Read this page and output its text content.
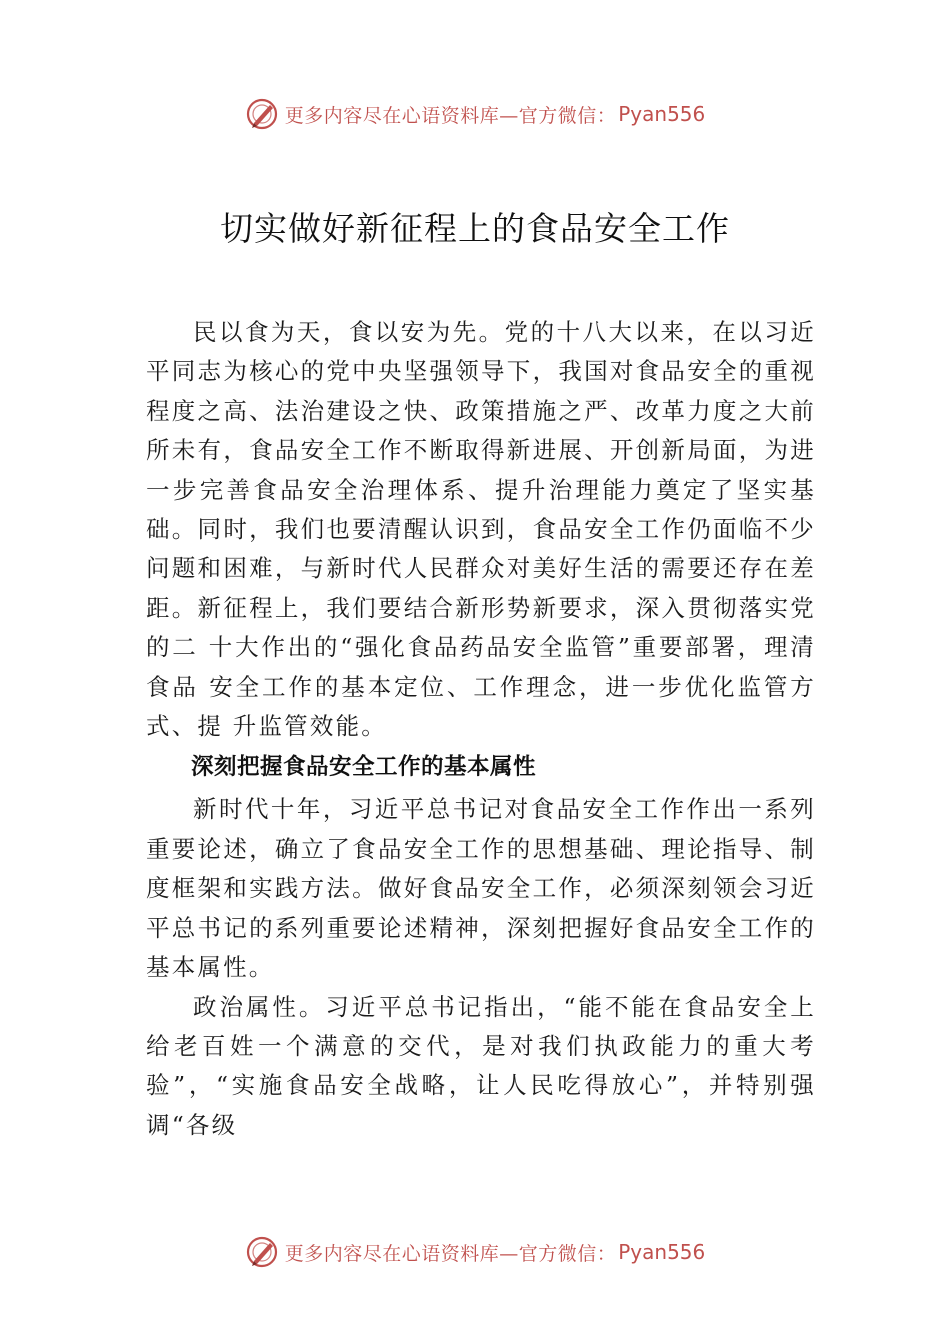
更多内容尽在心语资料库—官方微信： Pyan556
切实做好新征程上的食品安全工作

民以食为天，食以安为先。党的十八大以来，在以习近平同志为核心的党中央坚强领导下，我国对食品安全的重视程度之高、法治建设之快、政策措施之严、改革力度之大前所未有，食品安全工作不断取得新进展、开创新局面，为进一步完善食品安全治理体系、提升治理能力奠定了坚实基础。同时，我们也要清醒认识到，食品安全工作仍面临不少问题和困难，与新时代人民群众对美好生活的需要还存在差距。新征程上，我们要结合新形势新要求，深入贯彻落实党的二 十大作出的“强化食品药品安全监管”重要部署，理清食品 安全工作的基本定位、工作理念，进一步优化监管方式、提 升监管效能。

深刻把握食品安全工作的基本属性

新时代十年，习近平总书记对食品安全工作作出一系列重要论述，确立了食品安全工作的思想基础、理论指导、制度框架和实践方法。做好食品安全工作，必须深刻领会习近平总书记的系列重要论述精神，深刻把握好食品安全工作的基本属性。

政治属性。习近平总书记指出，“能不能在食品安全上给老百姓一个满意的交代，是对我们执政能力的重大考验”，“实施食品安全战略，让人民吃得放心”，并特别强调“各级

更多内容尽在心语资料库—官方微信： Pyan556
